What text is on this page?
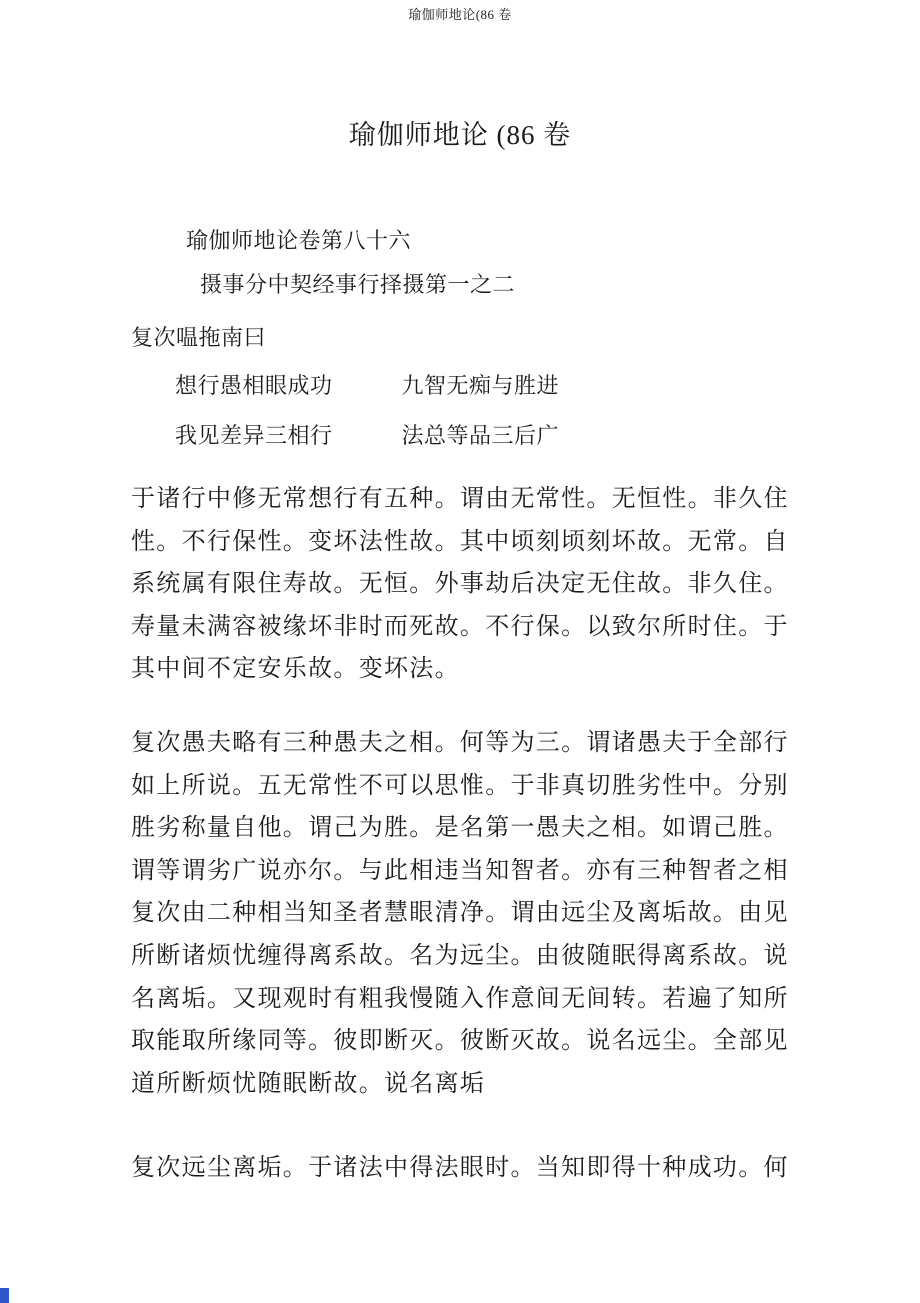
瑜伽师地论(86 卷
瑜伽师地论 (86 卷
瑜伽师地论卷第八十六
摄事分中契经事行择摄第一之二
复次嗢拖南曰
想行愚相眼成功	九智无痴与胜进
我见差异三相行	法总等品三后广
于诸行中修无常想行有五种。谓由无常性。无恒性。非久住
性。不行保性。变坏法性故。其中顷刻顷刻坏故。无常。自
系统属有限住寿故。无恒。外事劫后决定无住故。非久住。
寿量未满容被缘坏非时而死故。不行保。以致尔所时住。于
其中间不定安乐故。变坏法。
复次愚夫略有三种愚夫之相。何等为三。谓诸愚夫于全部行
如上所说。五无常性不可以思惟。于非真切胜劣性中。分别
胜劣称量自他。谓己为胜。是名第一愚夫之相。如谓己胜。
谓等谓劣广说亦尔。与此相违当知智者。亦有三种智者之相
复次由二种相当知圣者慧眼清净。谓由远尘及离垢故。由见
所断诸烦忧缠得离系故。名为远尘。由彼随眠得离系故。说
名离垢。又现观时有粗我慢随入作意间无间转。若遍了知所
取能取所缘同等。彼即断灭。彼断灭故。说名远尘。全部见
道所断烦忧随眠断故。说名离垢
复次远尘离垢。于诸法中得法眼时。当知即得十种成功。何
